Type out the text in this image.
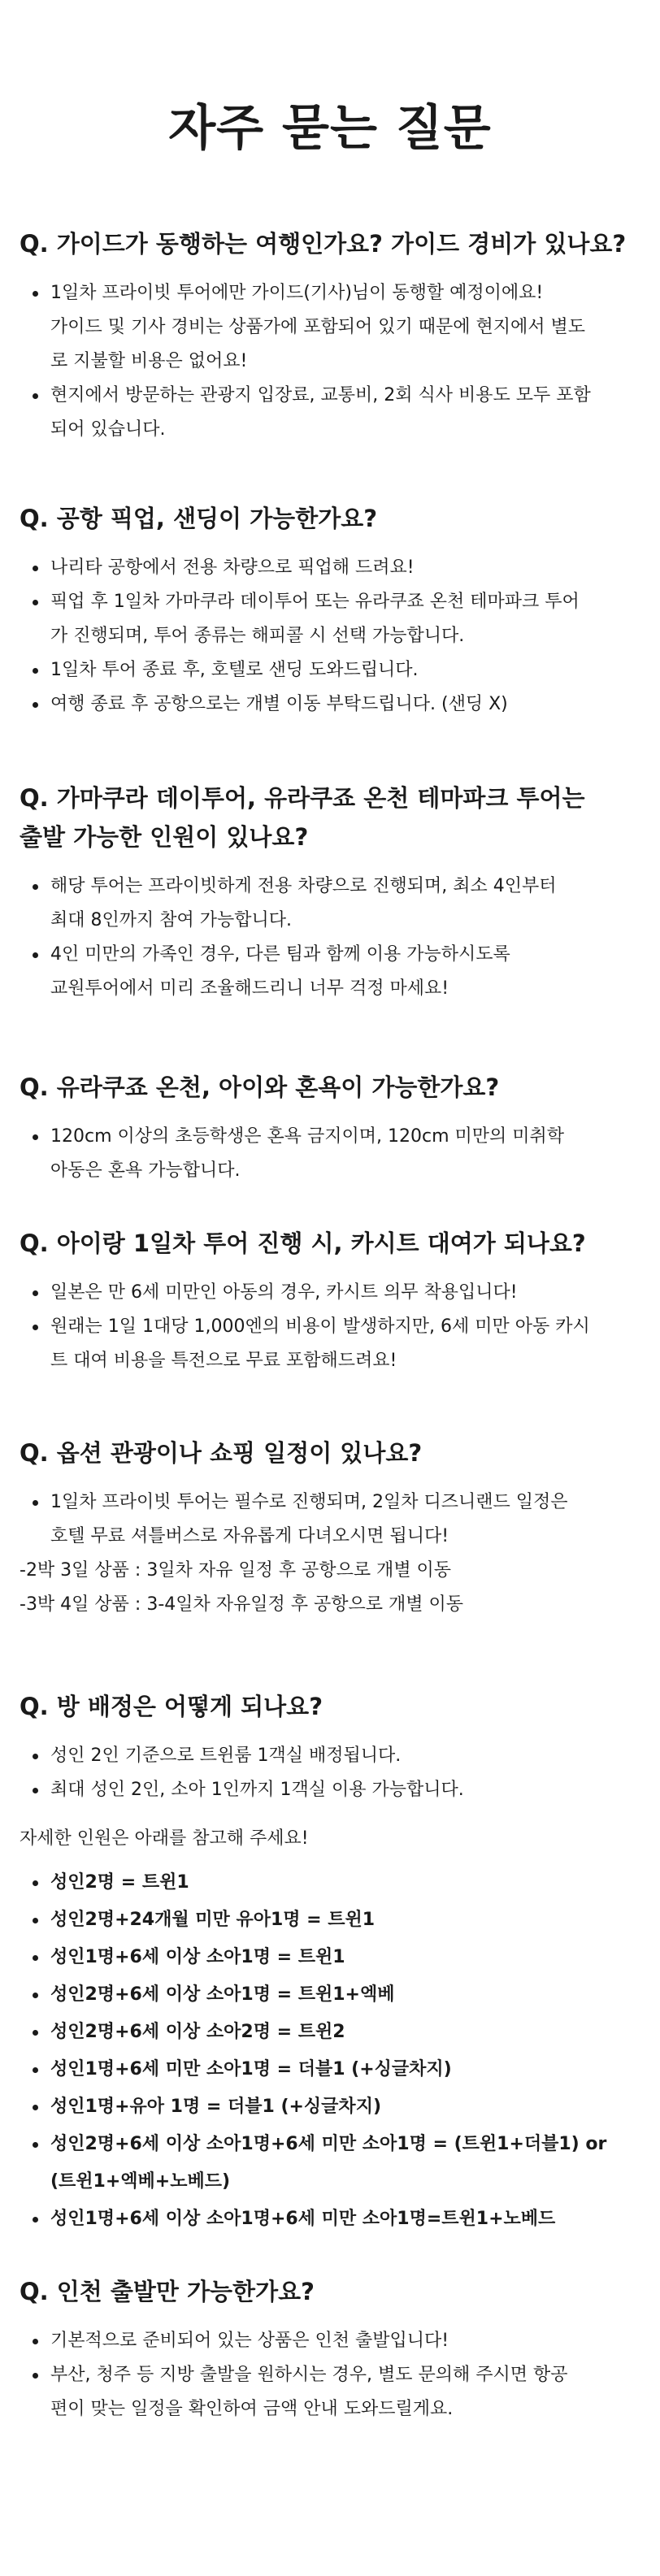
자주 묻는 질문
Q. 가이드가 동행하는 여행인가요? 가이드 경비가 있나요?
1일차 프라이빗 투어에만 가이드(기사)님이 동행할 예정이에요!
가이드 및 기사 경비는 상품가에 포함되어 있기 때문에 현지에서 별도
로 지불할 비용은 없어요!
현지에서 방문하는 관광지 입장료, 교통비, 2회 식사 비용도 모두 포함
되어 있습니다.
Q. 공항 픽업, 샌딩이 가능한가요?
나리타 공항에서 전용 차량으로 픽업해 드려요!
픽업 후 1일차 가마쿠라 데이투어 또는 유라쿠죠 온천 테마파크 투어
가 진행되며, 투어 종류는 해피콜 시 선택 가능합니다.
1일차 투어 종료 후, 호텔로 샌딩 도와드립니다.
여행 종료 후 공항으로는 개별 이동 부탁드립니다. (샌딩 X)
Q. 가마쿠라 데이투어, 유라쿠죠 온천 테마파크 투어는
출발 가능한 인원이 있나요?
해당 투어는 프라이빗하게 전용 차량으로 진행되며, 최소 4인부터
최대 8인까지 참여 가능합니다.
4인 미만의 가족인 경우, 다른 팀과 함께 이용 가능하시도록
교원투어에서 미리 조율해드리니 너무 걱정 마세요!
Q. 유라쿠죠 온천, 아이와 혼욕이 가능한가요?
120cm 이상의 초등학생은 혼욕 금지이며, 120cm 미만의 미취학
아동은 혼욕 가능합니다.
Q. 아이랑 1일차 투어 진행 시, 카시트 대여가 되나요?
일본은 만 6세 미만인 아동의 경우, 카시트 의무 착용입니다!
원래는 1일 1대당 1,000엔의 비용이 발생하지만, 6세 미만 아동 카시
트 대여 비용을 특전으로 무료 포함해드려요!
Q. 옵션 관광이나 쇼핑 일정이 있나요?
1일차 프라이빗 투어는 필수로 진행되며, 2일차 디즈니랜드 일정은
호텔 무료 셔틀버스로 자유롭게 다녀오시면 됩니다!

-2박 3일 상품 : 3일차 자유 일정 후 공항으로 개별 이동

-3박 4일 상품 : 3-4일차 자유일정 후 공항으로 개별 이동

Q. 방 배정은 어떻게 되나요?
성인 2인 기준으로 트윈룸 1객실 배정됩니다.
최대 성인 2인, 소아 1인까지 1객실 이용 가능합니다.

자세한 인원은 아래를 참고해 주세요!

성인2명 = 트윈1
성인2명+24개월 미만 유아1명 = 트윈1
성인1명+6세 이상 소아1명 = 트윈1
성인2명+6세 이상 소아1명 = 트윈1+엑베
성인2명+6세 이상 소아2명 = 트윈2
성인1명+6세 미만 소아1명 = 더블1 (+싱글차지)
성인1명+유아 1명 = 더블1 (+싱글차지)
성인2명+6세 이상 소아1명+6세 미만 소아1명 = (트윈1+더블1) or
(트윈1+엑베+노베드)
성인1명+6세 이상 소아1명+6세 미만 소아1명=트윈1+노베드
Q. 인천 출발만 가능한가요?
기본적으로 준비되어 있는 상품은 인천 출발입니다!
부산, 청주 등 지방 출발을 원하시는 경우, 별도 문의해 주시면 항공
편이 맞는 일정을 확인하여 금액 안내 도와드릴게요.
